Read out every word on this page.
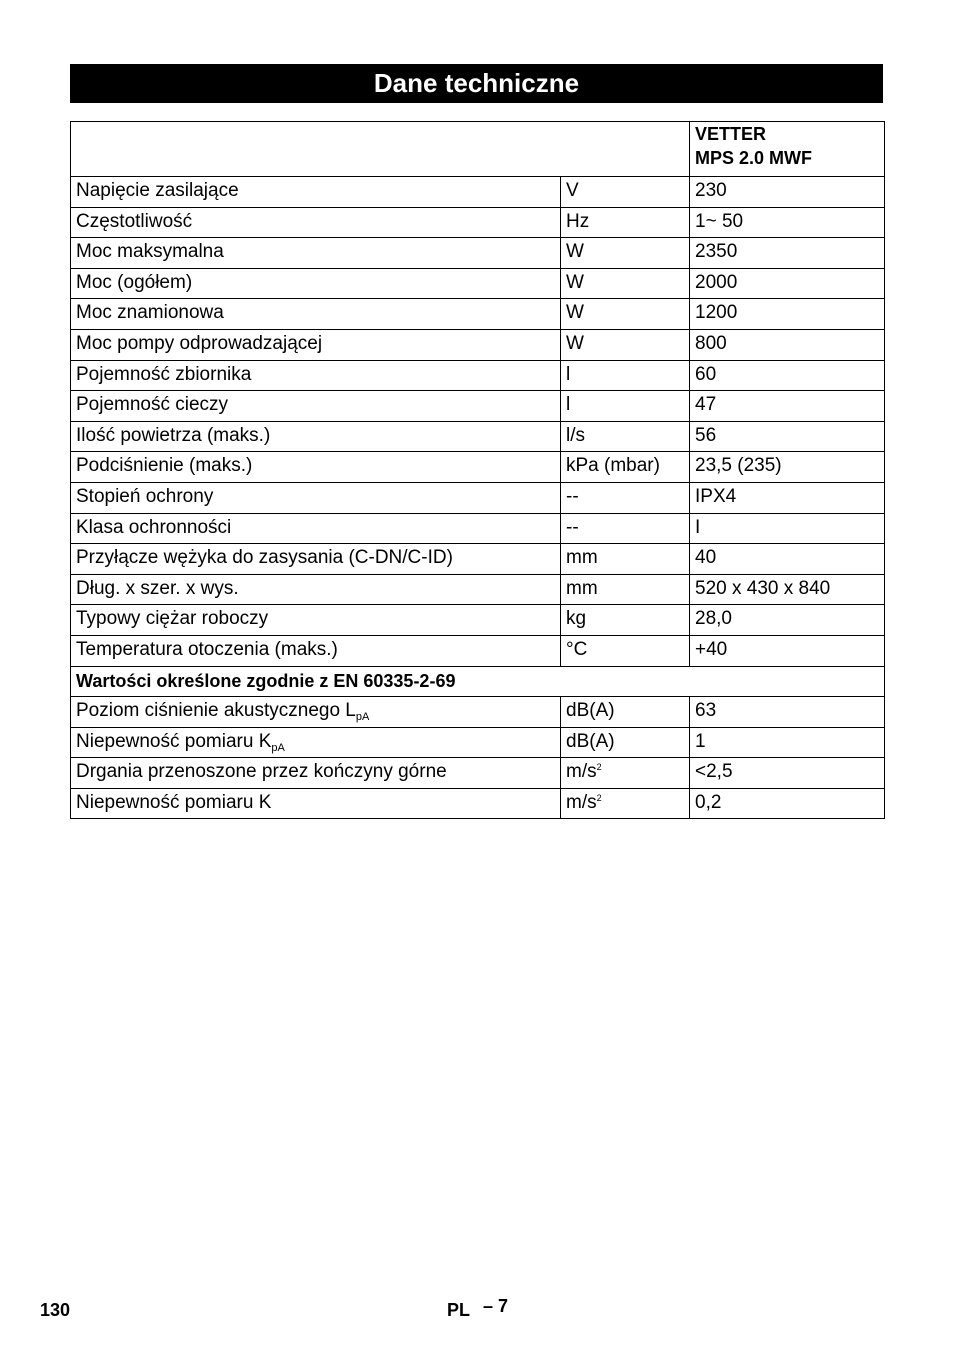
Dane techniczne
		VETTER
MPS 2.0 MWF
Napięcie zasilające	V	230
Częstotliwość	Hz	1~ 50
Moc maksymalna	W	2350
Moc (ogółem)	W	2000
Moc znamionowa	W	1200
Moc pompy odprowadzającej	W	800
Pojemność zbiornika	l	60
Pojemność cieczy	l	47
Ilość powietrza (maks.)	l/s	56
Podciśnienie (maks.)	kPa (mbar)	23,5 (235)
Stopień ochrony	--	IPX4
Klasa ochronności	--	I
Przyłącze wężyka do zasysania (C-DN/C-ID)	mm	40
Dług. x szer. x wys.	mm	520 x 430 x 840
Typowy ciężar roboczy	kg	28,0
Temperatura otoczenia (maks.)	°C	+40
Wartości określone zgodnie z EN 60335-2-69		
Poziom ciśnienie akustycznego $L_{pA}$	dB(A)	63
Niepewność pomiaru $K_{pA}$	dB(A)	1
Drgania przenoszone przez kończyny górne	$m/s^2$	<2,5
Niepewność pomiaru K	$m/s^2$	0,2
130	PL – 7
